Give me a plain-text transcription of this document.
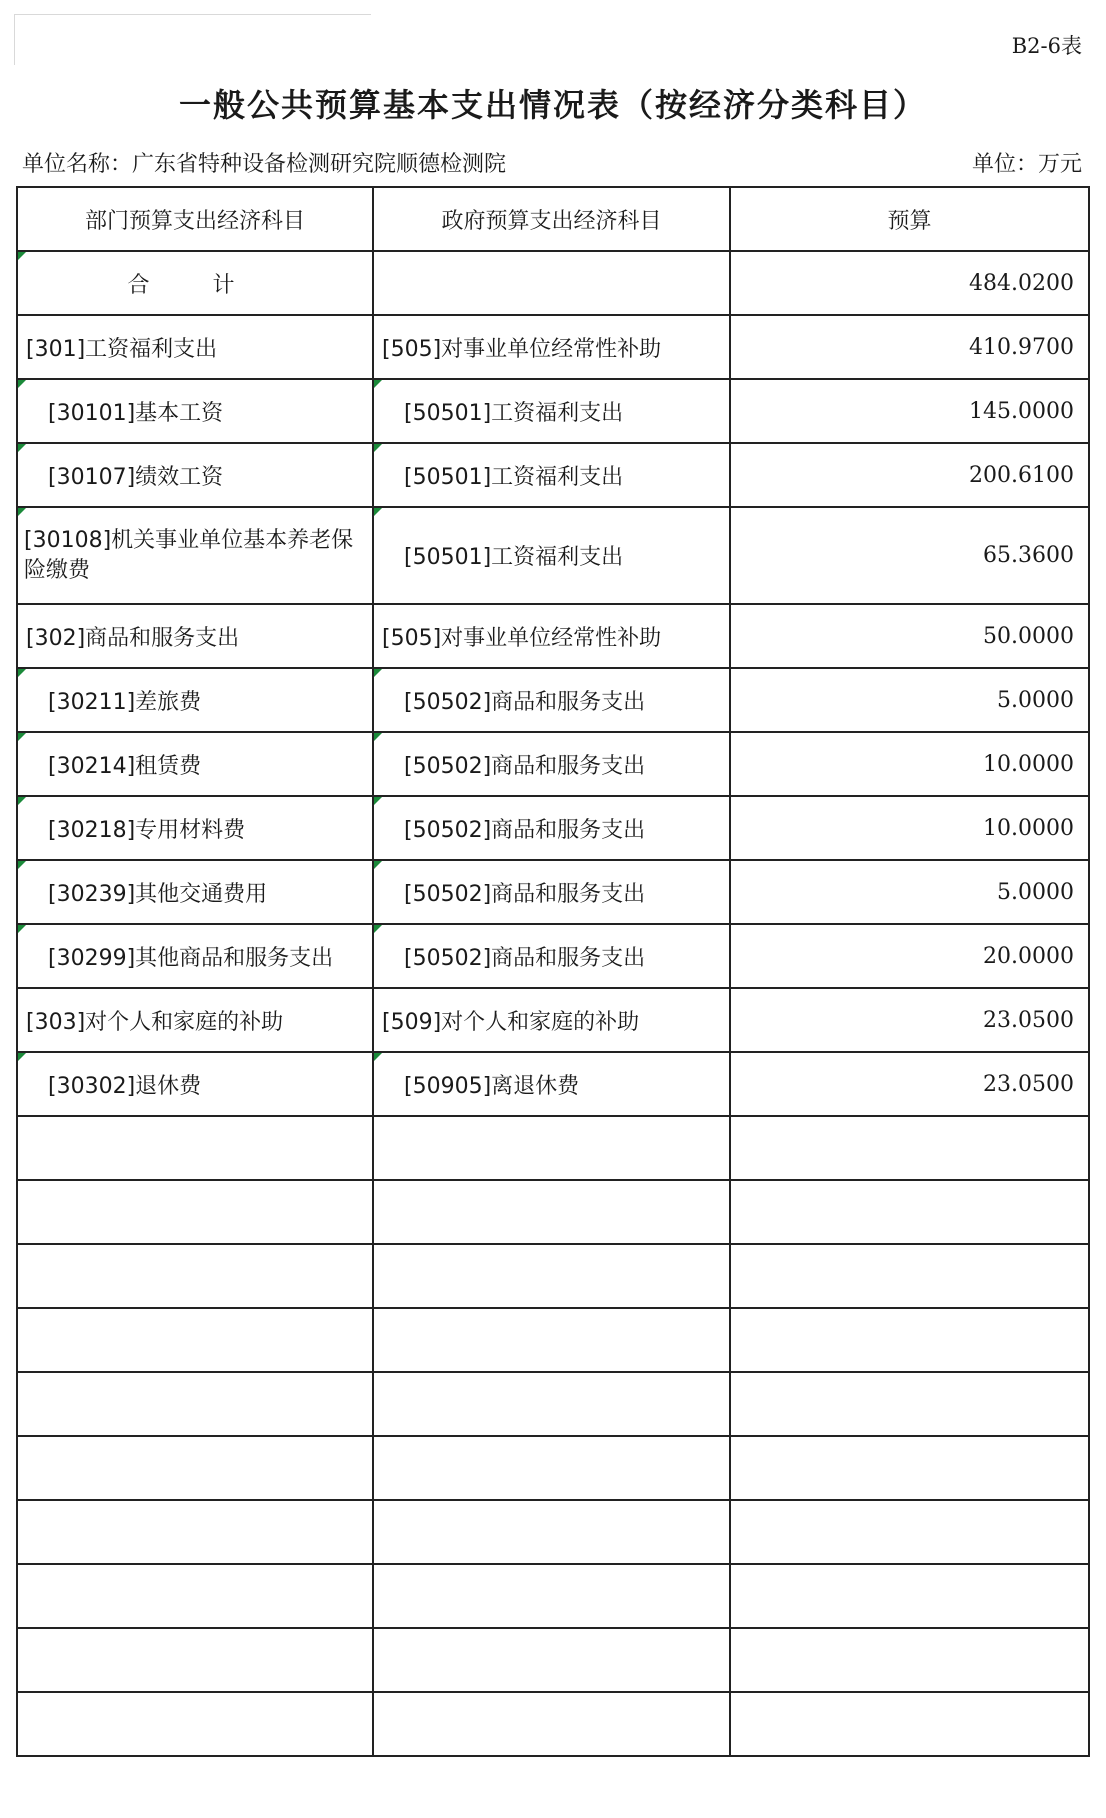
B2-6表
一般公共预算基本支出情况表（按经济分类科目）
单位名称：广东省特种设备检测研究院顺德检测院	单位：万元
部门预算支出经济科目	政府预算支出经济科目	预算
合 计		484.0200
[301]工资福利支出	[505]对事业单位经常性补助	410.9700
[30101]基本工资	[50501]工资福利支出	145.0000
[30107]绩效工资	[50501]工资福利支出	200.6100
[30108]机关事业单位基本养老保险缴费	[50501]工资福利支出	65.3600
[302]商品和服务支出	[505]对事业单位经常性补助	50.0000
[30211]差旅费	[50502]商品和服务支出	5.0000
[30214]租赁费	[50502]商品和服务支出	10.0000
[30218]专用材料费	[50502]商品和服务支出	10.0000
[30239]其他交通费用	[50502]商品和服务支出	5.0000
[30299]其他商品和服务支出	[50502]商品和服务支出	20.0000
[303]对个人和家庭的补助	[509]对个人和家庭的补助	23.0500
[30302]退休费	[50905]离退休费	23.0500
